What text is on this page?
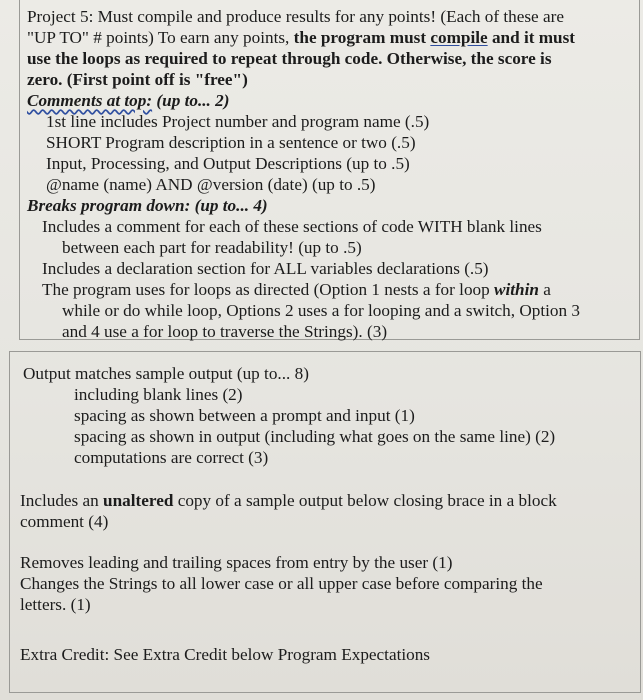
Project 5: Must compile and produce results for any points! (Each of these are
"UP TO" # points) To earn any points, the program must compile and it must
use the loops as required to repeat through code. Otherwise, the score is
zero. (First point off is "free")
Comments at top: (up to... 2)
1st line includes Project number and program name (.5)
SHORT Program description in a sentence or two (.5)
Input, Processing, and Output Descriptions (up to .5)
@name (name) AND @version (date) (up to .5)
Breaks program down: (up to... 4)
Includes a comment for each of these sections of code WITH blank lines
between each part for readability! (up to .5)
Includes a declaration section for ALL variables declarations (.5)
The program uses for loops as directed (Option 1 nests a for loop within a
while or do while loop, Options 2 uses a for looping and a switch, Option 3
and 4 use a for loop to traverse the Strings). (3)
Output matches sample output (up to... 8)
including blank lines (2)
spacing as shown between a prompt and input (1)
spacing as shown in output (including what goes on the same line) (2)
computations are correct (3)
Includes an unaltered copy of a sample output below closing brace in a block
comment (4)
Removes leading and trailing spaces from entry by the user (1)
Changes the Strings to all lower case or all upper case before comparing the
letters. (1)
Extra Credit: See Extra Credit below Program Expectations
